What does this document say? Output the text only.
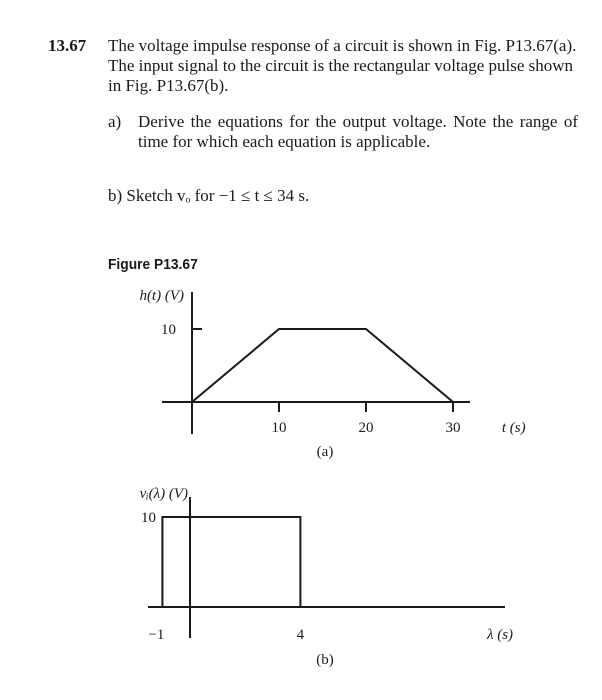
13.67 The voltage impulse response of a circuit is shown in Fig. P13.67(a). The input signal to the circuit is the rectangular voltage pulse shown in Fig. P13.67(b).
a) Derive the equations for the output voltage. Note the range of time for which each equation is applicable.
b) Sketch vₒ for −1 ≤ t ≤ 34 s.
Figure P13.67
h(t) (V)
t (s)
10
10	20	30
(a)
vᵢ(λ) (V)
λ (s)
10
−1	4
(b)
